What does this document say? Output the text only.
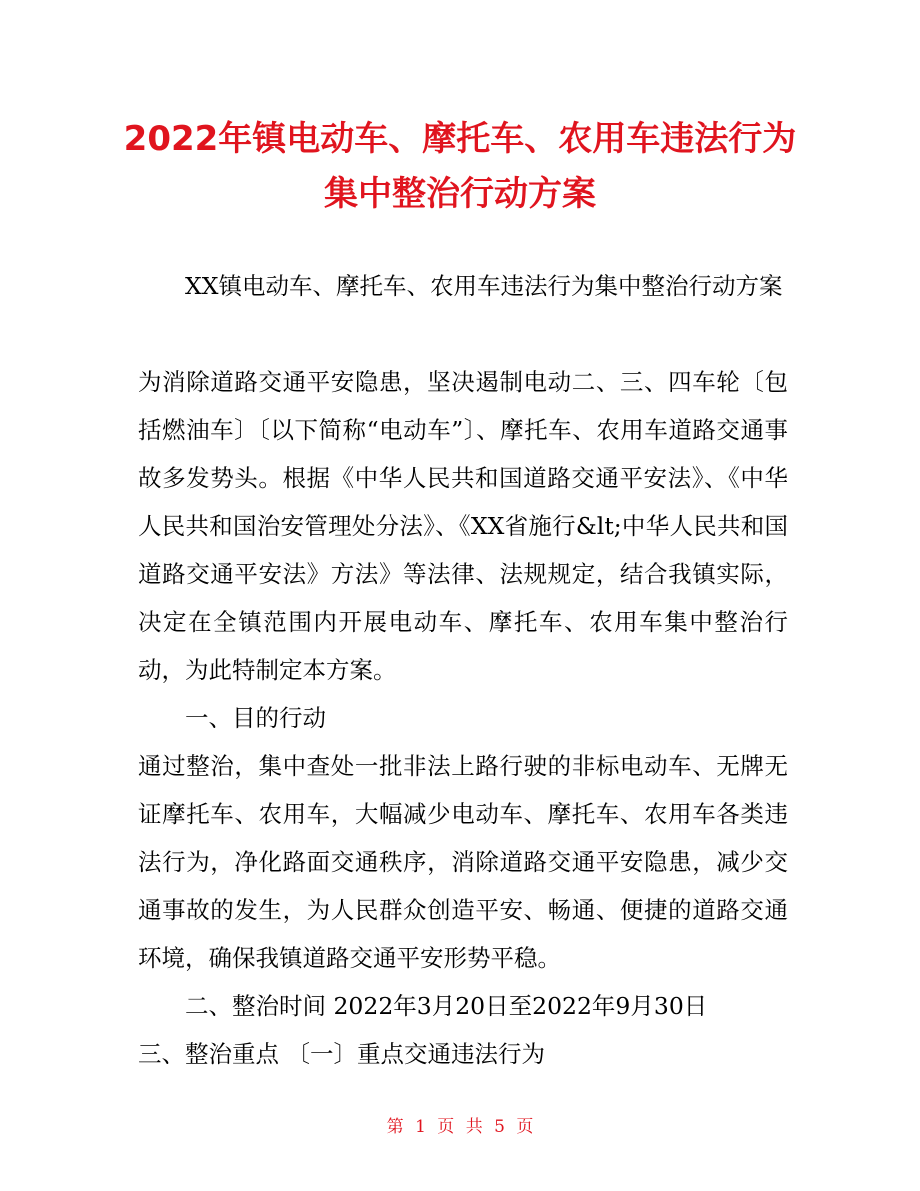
2022年镇电动车、摩托车、农用车违法行为集中整治行动方案

XX镇电动车、摩托车、农用车违法行为集中整治行动方案

为消除道路交通平安隐患，坚决遏制电动二、三、四车轮〔包括燃油车〕〔以下简称“电动车”〕、摩托车、农用车道路交通事故多发势头。根据《中华人民共和国道路交通平安法》、《中华人民共和国治安管理处分法》、《XX省施行&lt;中华人民共和国道路交通平安法》方法》等法律、法规规定，结合我镇实际，决定在全镇范围内开展电动车、摩托车、农用车集中整治行动，为此特制定本方案。

一、目的行动

通过整治，集中查处一批非法上路行驶的非标电动车、无牌无证摩托车、农用车，大幅减少电动车、摩托车、农用车各类违法行为，净化路面交通秩序，消除道路交通平安隐患，减少交通事故的发生，为人民群众创造平安、畅通、便捷的道路交通环境，确保我镇道路交通平安形势平稳。

二、整治时间 2022年3月20日至2022年9月30日

三、整治重点 〔一〕重点交通违法行为

第 1 页 共 5 页
